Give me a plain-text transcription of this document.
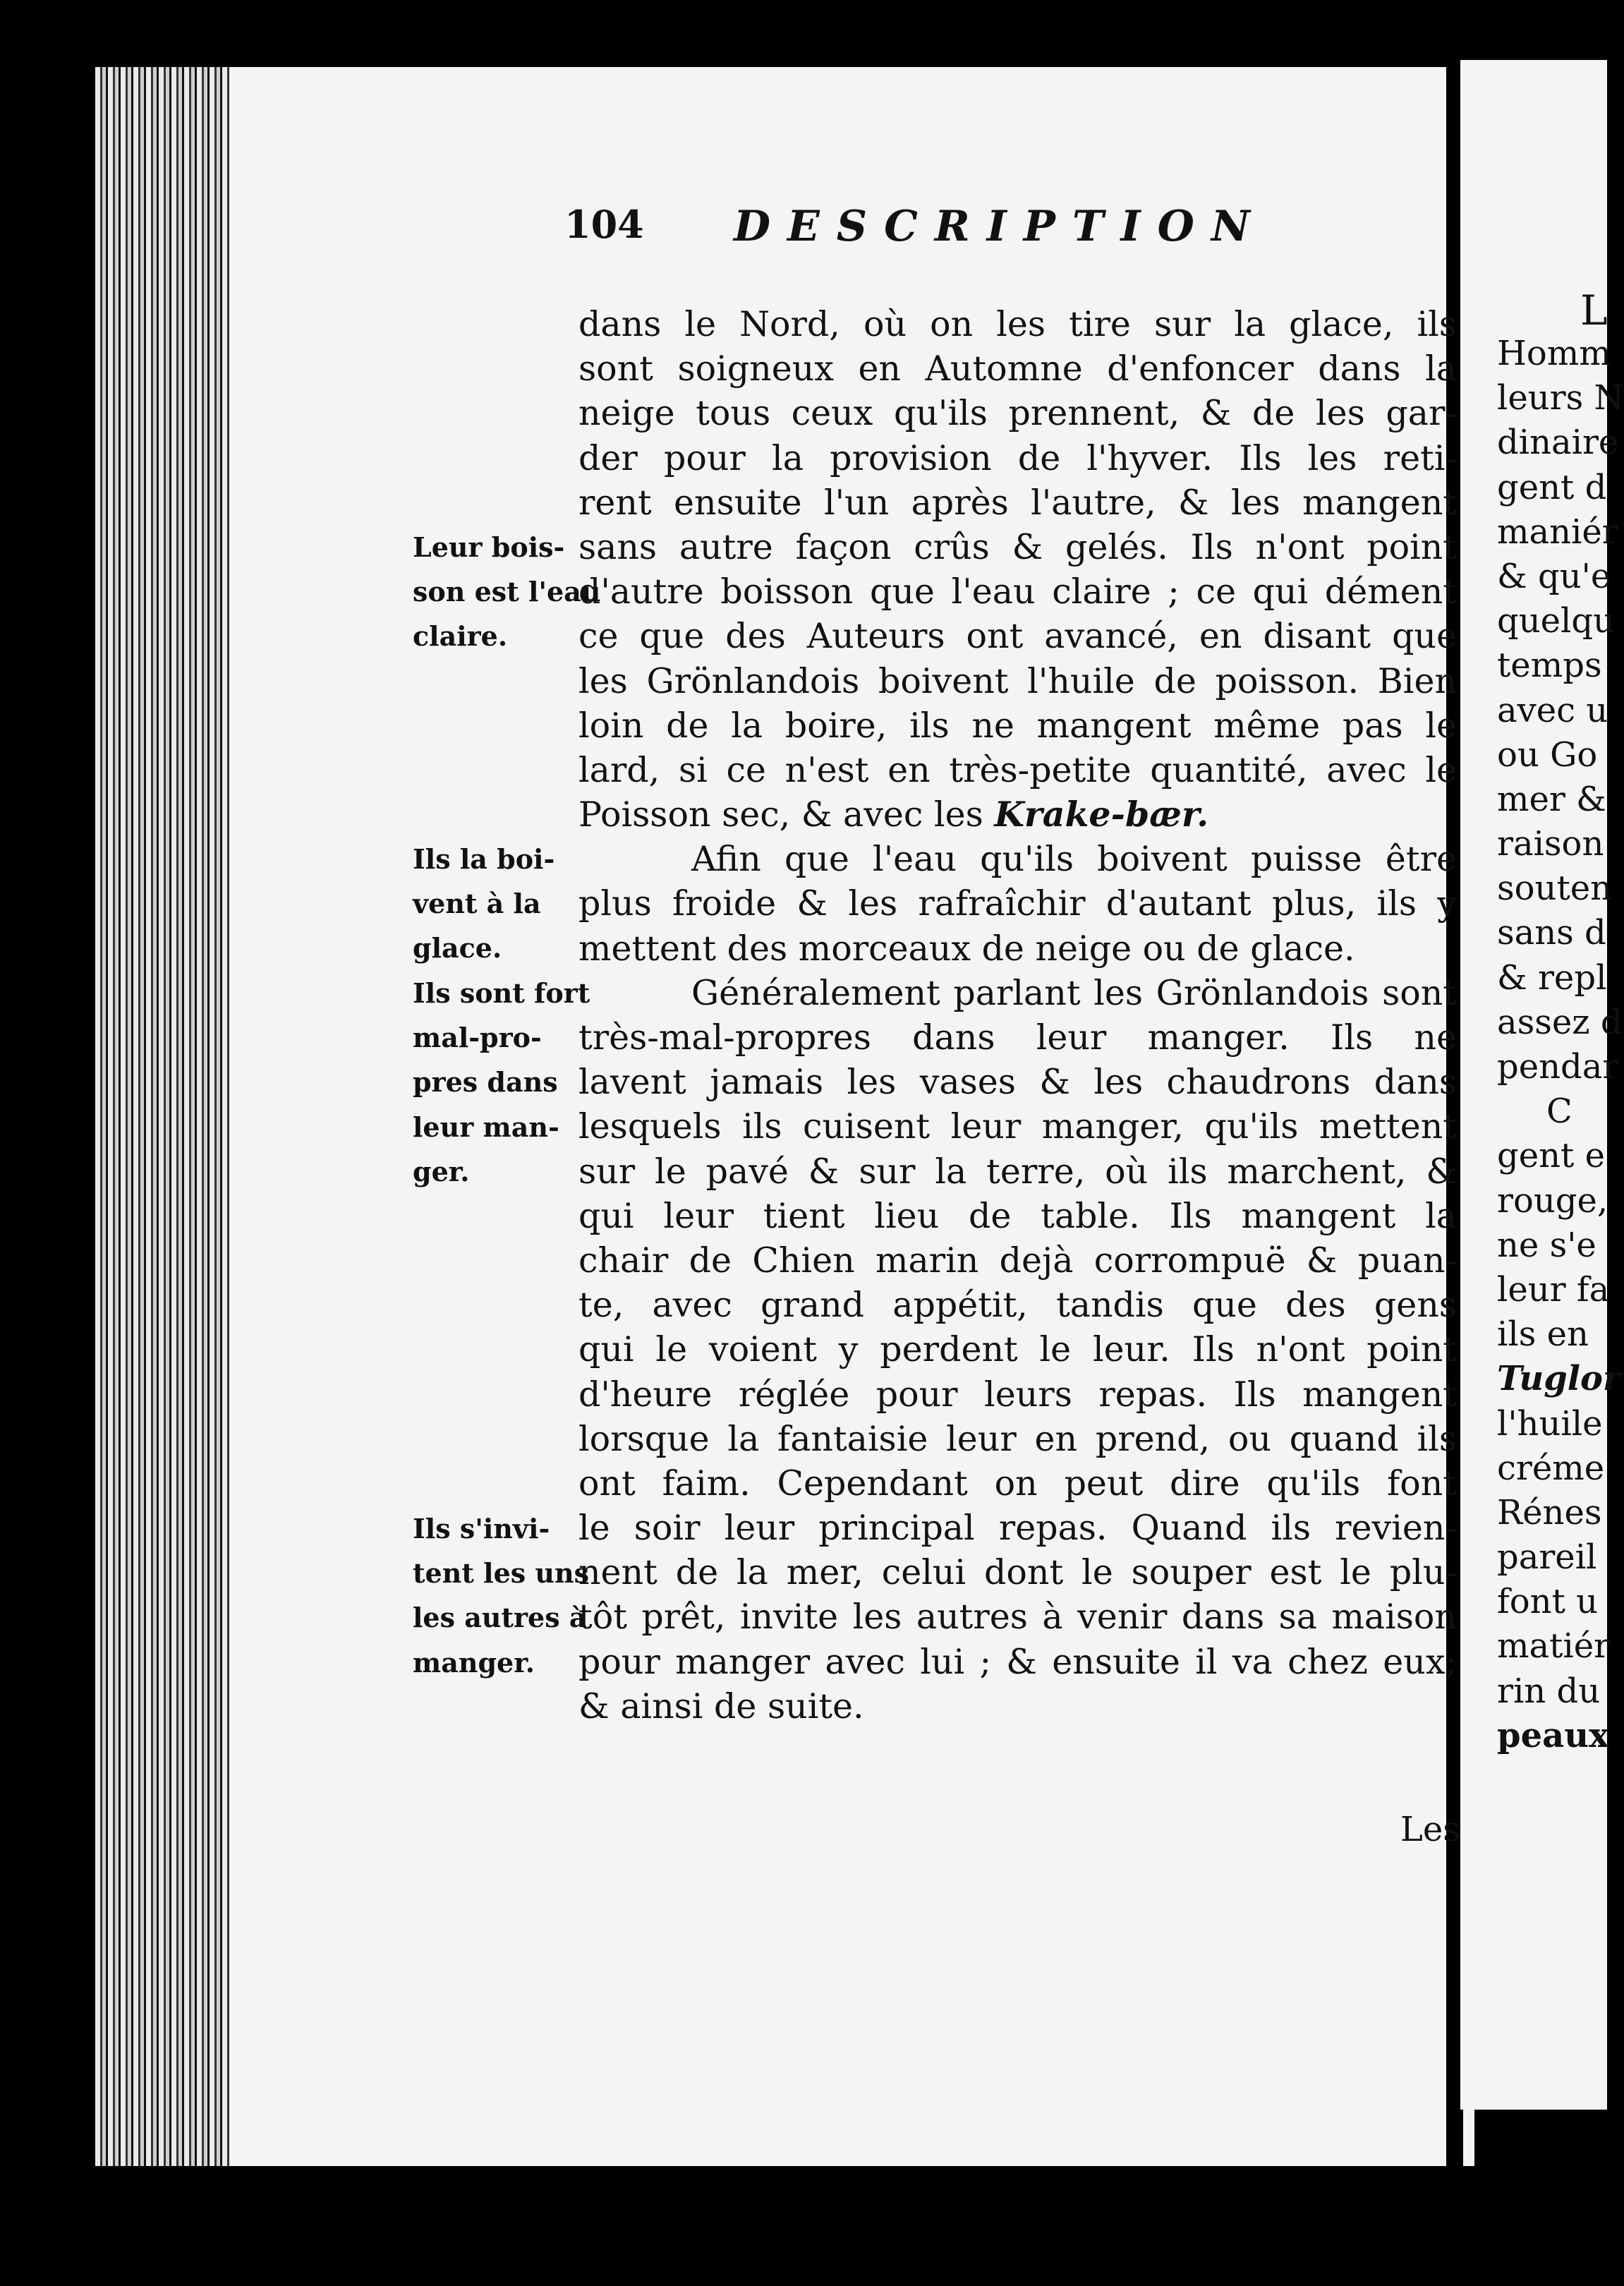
104 DESCRIPTION
dans le Nord, où on les tire sur la glace, ils
sont soigneux en Automne d'enfoncer dans la
neige tous ceux qu'ils prennent, & de les gar-
der pour la provision de l'hyver. Ils les reti-
rent ensuite l'un après l'autre, & les mangent
sans autre façon crûs & gelés. Ils n'ont point
d'autre boisson que l'eau claire ; ce qui dément
ce que des Auteurs ont avancé, en disant que
les Grönlandois boivent l'huile de poisson. Bien
loin de la boire, ils ne mangent même pas le
lard, si ce n'est en très-petite quantité, avec le
Poisson sec, & avec les Krake-bær.
Afin que l'eau qu'ils boivent puisse être
plus froide & les rafraîchir d'autant plus, ils y
mettent des morceaux de neige ou de glace.
Généralement parlant les Grönlandois sont
très-mal-propres dans leur manger. Ils ne
lavent jamais les vases & les chaudrons dans
lesquels ils cuisent leur manger, qu'ils mettent
sur le pavé & sur la terre, où ils marchent, &
qui leur tient lieu de table. Ils mangent la
chair de Chien marin dejà corrompuë & puan-
te, avec grand appétit, tandis que des gens
qui le voient y perdent le leur. Ils n'ont point
d'heure réglée pour leurs repas. Ils mangent
lorsque la fantaisie leur en prend, ou quand ils
ont faim. Cependant on peut dire qu'ils font
le soir leur principal repas. Quand ils revien-
nent de la mer, celui dont le souper est le plu-
tôt prêt, invite les autres à venir dans sa maison
pour manger avec lui ; & ensuite il va chez eux;
& ainsi de suite.
Leur bois-
son est l'eau
claire.
Ils la boi-
vent à la
glace.
Ils sont fort
mal-pro-
pres dans
leur man-
ger.
Ils s'invi-
tent les uns
les autres à
manger.
Les
L
Homm
leurs N
dinaire
gent d
maniér
& qu'e
quelqu
temps
avec u
ou Go
mer &
raison
souten
sans d
& repl
assez d
pendar
C
gent e
rouge,
ne s'e
leur fa
ils en
Tuglor
l'huile
créme
Rénes
pareil
font u
matiér
rin du
peaux
